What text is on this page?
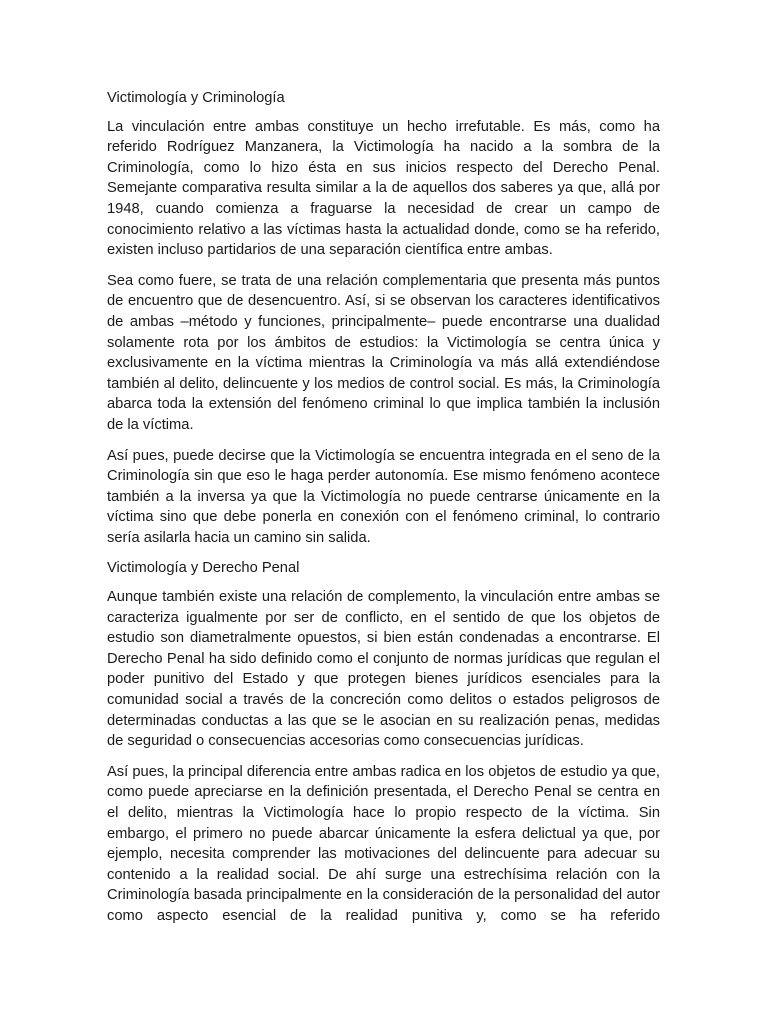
Victimología y Criminología

La vinculación entre ambas constituye un hecho irrefutable. Es más, como ha referido Rodríguez Manzanera, la Victimología ha nacido a la sombra de la Criminología, como lo hizo ésta en sus inicios respecto del Derecho Penal. Semejante comparativa resulta similar a la de aquellos dos saberes ya que, allá por 1948, cuando comienza a fraguarse la necesidad de crear un campo de conocimiento relativo a las víctimas hasta la actualidad donde, como se ha referido, existen incluso partidarios de una separación científica entre ambas.

Sea como fuere, se trata de una relación complementaria que presenta más puntos de encuentro que de desencuentro. Así, si se observan los caracteres identificativos de ambas –método y funciones, principalmente– puede encontrarse una dualidad solamente rota por los ámbitos de estudios: la Victimología se centra única y exclusivamente en la víctima mientras la Criminología va más allá extendiéndose también al delito, delincuente y los medios de control social. Es más, la Criminología abarca toda la extensión del fenómeno criminal lo que implica también la inclusión de la víctima.

Así pues, puede decirse que la Victimología se encuentra integrada en el seno de la Criminología sin que eso le haga perder autonomía. Ese mismo fenómeno acontece también a la inversa ya que la Victimología no puede centrarse únicamente en la víctima sino que debe ponerla en conexión con el fenómeno criminal, lo contrario sería asilarla hacia un camino sin salida.

Victimología y Derecho Penal

Aunque también existe una relación de complemento, la vinculación entre ambas se caracteriza igualmente por ser de conflicto, en el sentido de que los objetos de estudio son diametralmente opuestos, si bien están condenadas a encontrarse. El Derecho Penal ha sido definido como el conjunto de normas jurídicas que regulan el poder punitivo del Estado y que protegen bienes jurídicos esenciales para la comunidad social a través de la concreción como delitos o estados peligrosos de determinadas conductas a las que se le asocian en su realización penas, medidas de seguridad o consecuencias accesorias como consecuencias jurídicas.

Así pues, la principal diferencia entre ambas radica en los objetos de estudio ya que, como puede apreciarse en la definición presentada, el Derecho Penal se centra en el delito, mientras la Victimología hace lo propio respecto de la víctima. Sin embargo, el primero no puede abarcar únicamente la esfera delictual ya que, por ejemplo, necesita comprender las motivaciones del delincuente para adecuar su contenido a la realidad social. De ahí surge una estrechísima relación con la Criminología basada principalmente en la consideración de la personalidad del autor como aspecto esencial de la realidad punitiva y, como se ha referido
